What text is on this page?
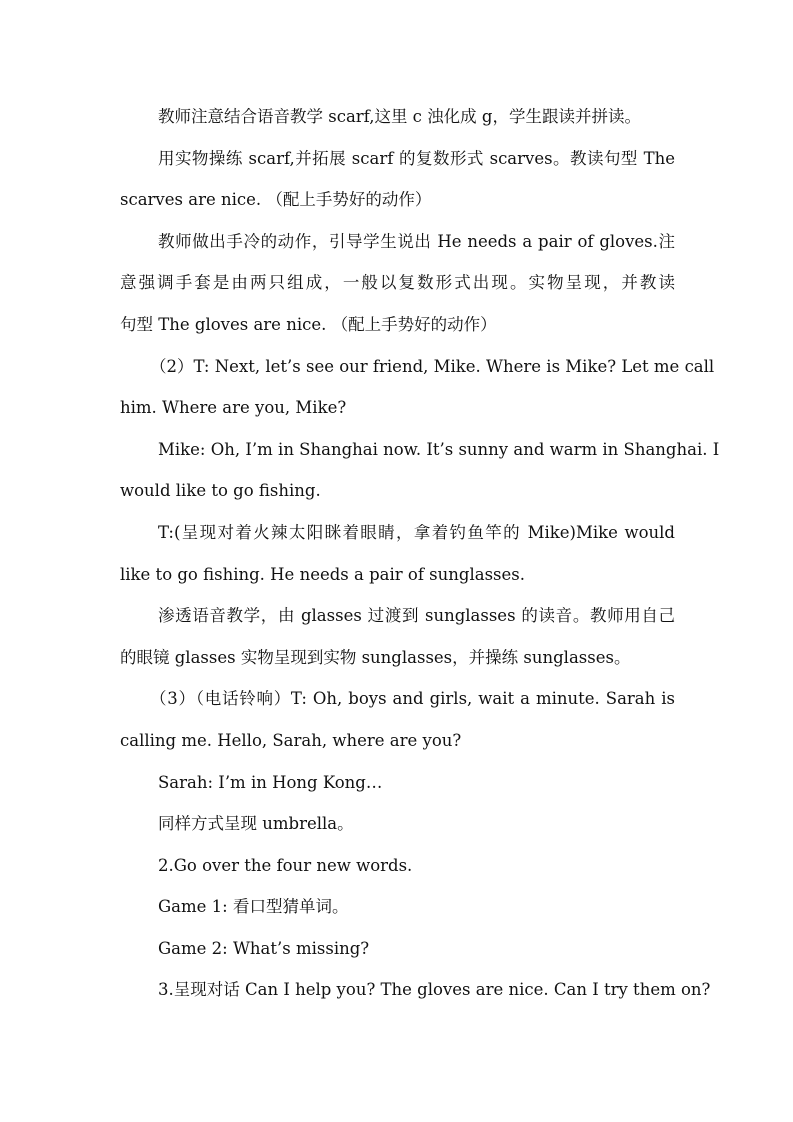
教师注意结合语音教学 scarf,这里 c 浊化成 g，学生跟读并拼读。
用实物操练 scarf,并拓展 scarf 的复数形式 scarves。教读句型 The
scarves are nice. （配上手势好的动作）
教师做出手冷的动作，引导学生说出 He needs a pair of gloves.注
意强调手套是由两只组成，一般以复数形式出现。实物呈现，并教读
句型 The gloves are nice. （配上手势好的动作）
（2）T: Next, let’s see our friend, Mike. Where is Mike? Let me call
him. Where are you, Mike?
Mike: Oh, I’m in Shanghai now. It’s sunny and warm in Shanghai. I
would like to go fishing.
T:(呈现对着火辣太阳眯着眼睛，拿着钓鱼竿的 Mike)Mike would
like to go fishing. He needs a pair of sunglasses.
渗透语音教学，由 glasses 过渡到 sunglasses 的读音。教师用自己
的眼镜 glasses 实物呈现到实物 sunglasses，并操练 sunglasses。
（3）（电话铃响）T: Oh, boys and girls, wait a minute. Sarah is
calling me. Hello, Sarah, where are you?
Sarah: I’m in Hong Kong…
同样方式呈现 umbrella。
2.Go over the four new words.
Game 1: 看口型猜单词。
Game 2: What’s missing?
3.呈现对话 Can I help you? The gloves are nice. Can I try them on?
